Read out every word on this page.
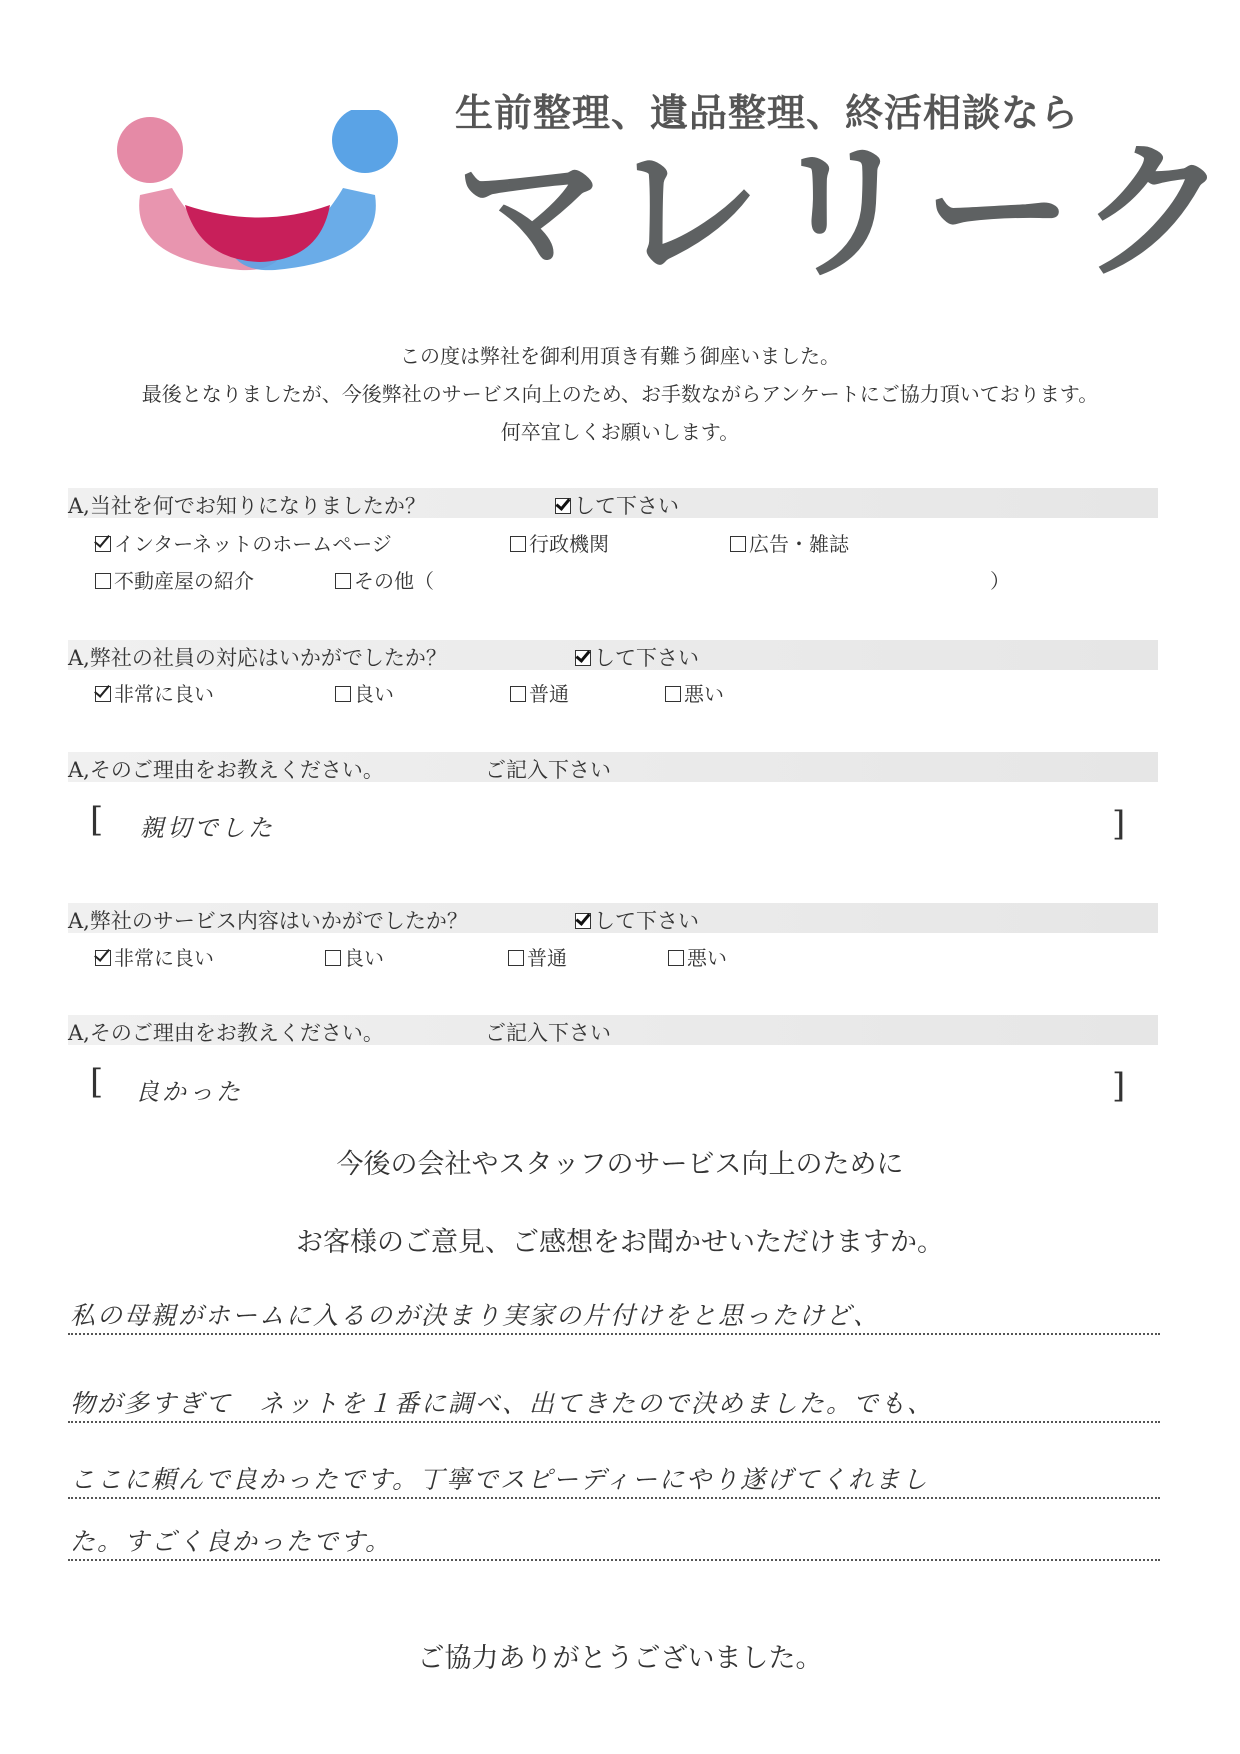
生前整理、遺品整理、終活相談なら
マレリーク
この度は弊社を御利用頂き有難う御座いました。
最後となりましたが、今後弊社のサービス向上のため、お手数ながらアンケートにご協力頂いております。
何卒宜しくお願いします。
A,当社を何でお知りになりましたか？	して下さい
インターネットのホームページ	行政機関	広告・雑誌
不動産屋の紹介	その他（	）
A,弊社の社員の対応はいかがでしたか？	して下さい
非常に良い	良い	普通	悪い
A,そのご理由をお教えください。	ご記入下さい
[ 親切でした	]
A,弊社のサービス内容はいかがでしたか？	して下さい
非常に良い	良い	普通	悪い
A,そのご理由をお教えください。	ご記入下さい
[ 良かった	]
今後の会社やスタッフのサービス向上のために
お客様のご意見、ご感想をお聞かせいただけますか。
私の母親がホームに入るのが決まり実家の片付けをと思ったけど、
物が多すぎて　ネットを１番に調べ、出てきたので決めました。でも、
ここに頼んで良かったです。丁寧でスピーディーにやり遂げてくれまし
た。すごく良かったです。
ご協力ありがとうございました。
